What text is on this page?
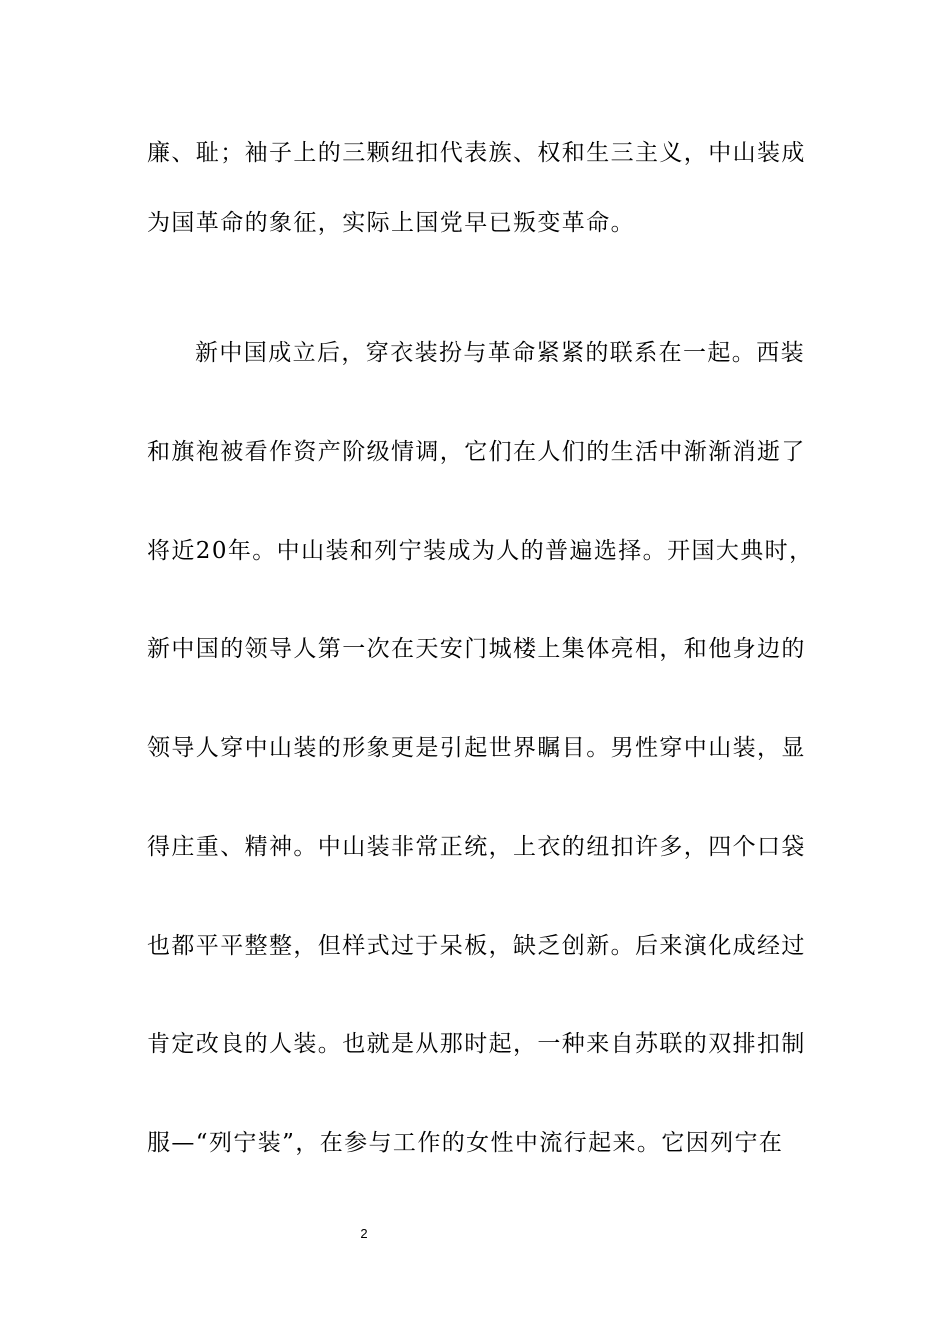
廉、耻；袖子上的三颗纽扣代表族、权和生三主义，中山装成
为国革命的象征，实际上国党早已叛变革命。
新中国成立后，穿衣装扮与革命紧紧的联系在一起。西装
和旗袍被看作资产阶级情调，它们在人们的生活中渐渐消逝了
将近20年。中山装和列宁装成为人的普遍选择。开国大典时，
新中国的领导人第一次在天安门城楼上集体亮相，和他身边的
领导人穿中山装的形象更是引起世界瞩目。男性穿中山装，显
得庄重、精神。中山装非常正统，上衣的纽扣许多，四个口袋
也都平平整整，但样式过于呆板，缺乏创新。后来演化成经过
肯定改良的人装。也就是从那时起，一种来自苏联的双排扣制
服—“列宁装”，在参与工作的女性中流行起来。它因列宁在
2
